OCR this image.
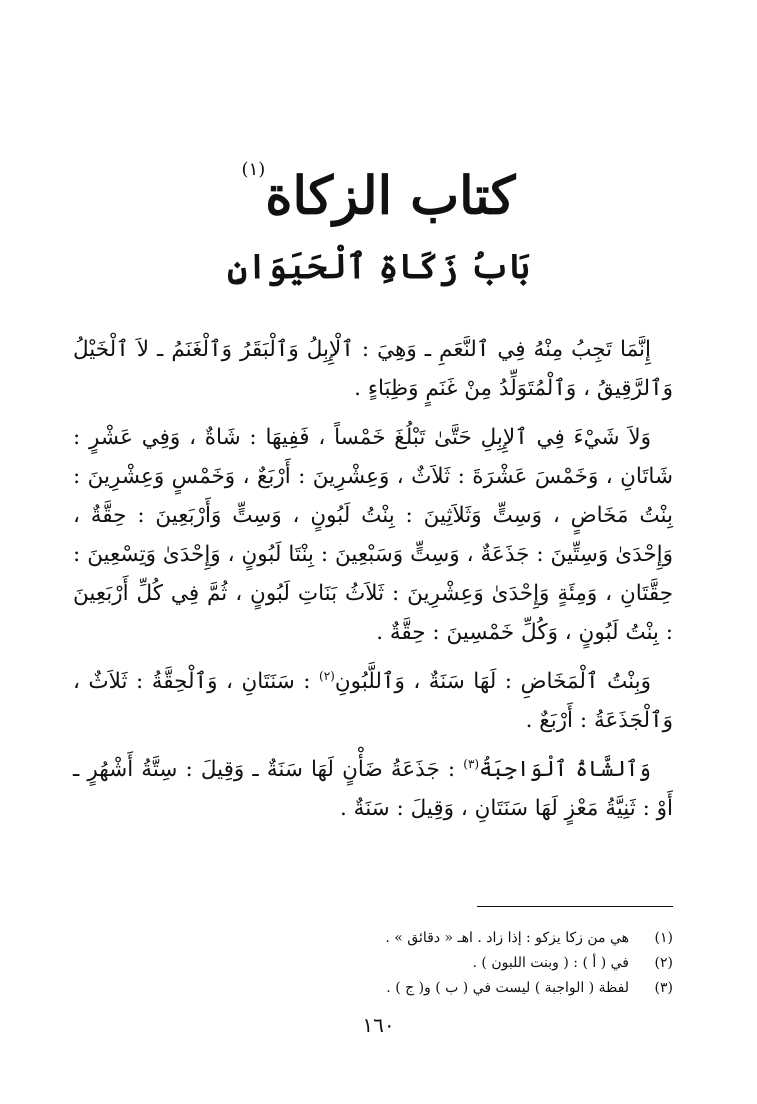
كتاب الزكاة$^{(١)}$
بَابُ زَكَاةِ ٱلْحَيَوَانِ

إِنَّمَا تَجِبُ مِنْهُ فِي ٱلنَّعَمِ ـ وَهِيَ : ٱلْإِبِلُ وَٱلْبَقَرُ وَٱلْغَنَمُ ـ لاَ ٱلْخَيْلُ وَٱلرَّقِيقُ ، وَٱلْمُتَوَلِّدُ مِنْ غَنَمٍ وَظِبَاءٍ .

وَلاَ شَيْءَ فِي ٱلإِبِلِ حَتَّىٰ تَبْلُغَ خَمْساً ، فَفِيهَا : شَاةٌ ، وَفِي عَشْرٍ : شَاتَانِ ، وَخَمْسَ عَشْرَةَ : ثَلاَثٌ ، وَعِشْرِينَ : أَرْبَعٌ ، وَخَمْسٍ وَعِشْرِينَ : بِنْتُ مَخَاضٍ ، وَسِتٍّ وَثَلاَثِينَ : بِنْتُ لَبُونٍ ، وَسِتٍّ وَأَرْبَعِينَ : حِقَّةٌ ، وَإِحْدَىٰ وَسِتِّينَ : جَذَعَةٌ ، وَسِتٍّ وَسَبْعِينَ : بِنْتَا لَبُونٍ ، وَإِحْدَىٰ وَتِسْعِينَ : حِقَّتَانِ ، وَمِئَةٍ وَإِحْدَىٰ وَعِشْرِينَ : ثَلاَثُ بَنَاتِ لَبُونٍ ، ثُمَّ فِي كُلِّ أَرْبَعِينَ : بِنْتُ لَبُونٍ ، وَكُلِّ خَمْسِينَ : حِقَّةٌ .

وَبِنْتُ ٱلْمَخَاضِ : لَهَا سَنَةٌ ، وَٱللَّبُونِ$^{(٢)}$ : سَنَتَانِ ، وَٱلْحِقَّةُ : ثَلاَثٌ ، وَٱلْجَذَعَةُ : أَرْبَعٌ .

وَٱلشَّاةُ ٱلْوَاجِبَةُ$^{(٣)}$ : جَذَعَةُ ضَأْنٍ لَهَا سَنَةٌ ـ وَقِيلَ : سِتَّةُ أَشْهُرٍ ـ أَوْ : ثَنِيَّةُ مَعْزٍ لَهَا سَنَتَانِ ، وَقِيلَ : سَنَةٌ .

(١)
هي من زكا يزكو : إذا زاد . اهـ « دقائق » .
(٢)
في ( أ ) : ( وبنت اللبون ) .
(٣)
لفظة ( الواجبة ) ليست في ( ب ) و( ج ) .
١٦٠
